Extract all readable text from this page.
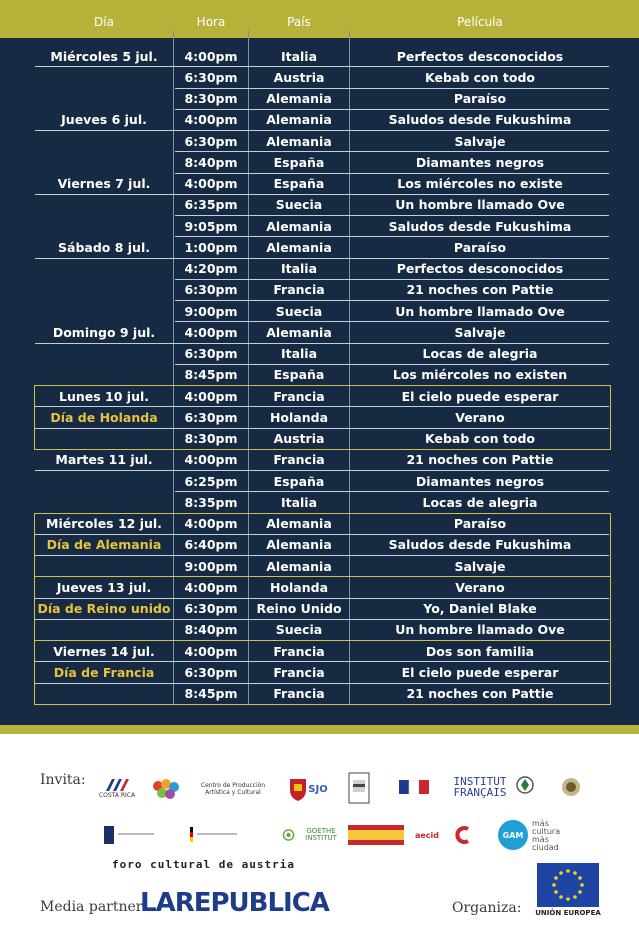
Día	Hora	País	Película
Miércoles 5 jul.	4:00pm	Italia	Perfectos desconocidos
6:30pm	Austria	Kebab con todo
8:30pm	Alemania	Paraíso
Jueves 6 jul.	4:00pm	Alemania	Saludos desde Fukushima
6:30pm	Alemania	Salvaje
8:40pm	España	Diamantes negros
Viernes 7 jul.	4:00pm	España	Los miércoles no existe
6:35pm	Suecia	Un hombre llamado Ove
9:05pm	Alemania	Saludos desde Fukushima
Sábado 8 jul.	1:00pm	Alemania	Paraíso
4:20pm	Italia	Perfectos desconocidos
6:30pm	Francia	21 noches con Pattie
9:00pm	Suecia	Un hombre llamado Ove
Domingo 9 jul.	4:00pm	Alemania	Salvaje
6:30pm	Italia	Locas de alegria
8:45pm	España	Los miércoles no existen
Lunes 10 jul.	4:00pm	Francia	El cielo puede esperar
Día de Holanda	6:30pm	Holanda	Verano
8:30pm	Austria	Kebab con todo
Martes 11 jul.	4:00pm	Francia	21 noches con Pattie
6:25pm	España	Diamantes negros
8:35pm	Italia	Locas de alegria
Miércoles 12 jul.	4:00pm	Alemania	Paraíso
Día de Alemania	6:40pm	Alemania	Saludos desde Fukushima
9:00pm	Alemania	Salvaje
Jueves 13 jul.	4:00pm	Holanda	Verano
Día de Reino unido	6:30pm	Reino Unido	Yo, Daniel Blake
8:40pm	Suecia	Un hombre llamado Ove
Viernes 14 jul.	4:00pm	Francia	Dos son familia
Día de Francia	6:30pm	Francia	El cielo puede esperar
8:45pm	Francia	21 noches con Pattie
Invita:
COSTA RICA
Centro de Producción Artística y Cultural	SJO
INSTITUT
FRANÇAIS
GOETHE INSTITUT	aecid	GAM
más
cultura
más
ciudad
foro cultural de austria
Media partner:
LAREPUBLICA	Organiza: UNIÓN EUROPEA
